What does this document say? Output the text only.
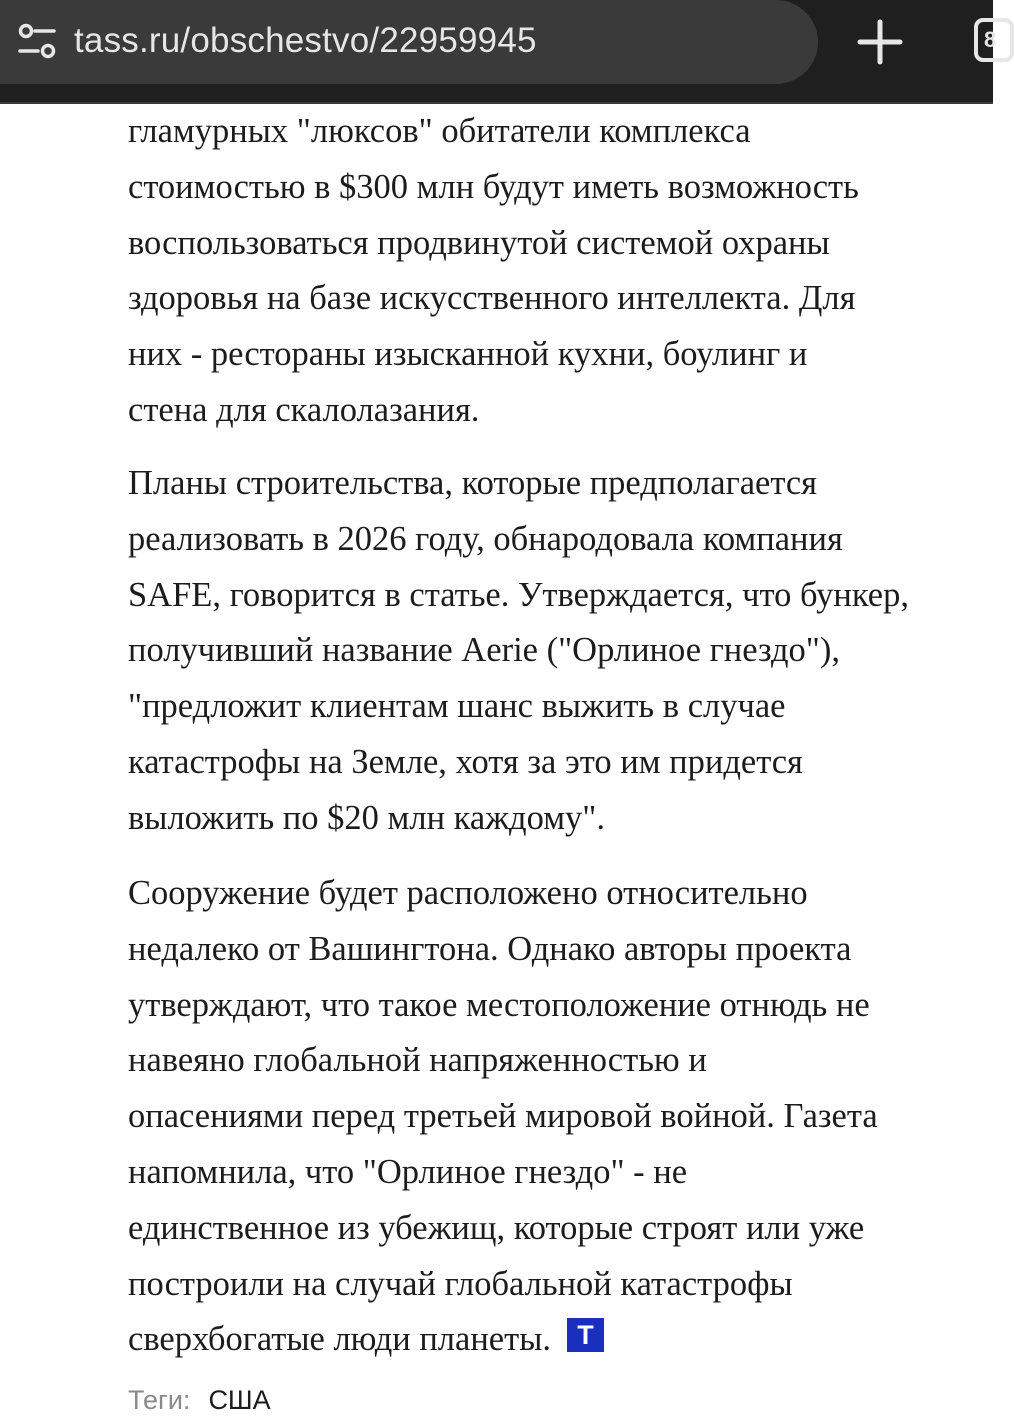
tass.ru/obschestvo/22959945	8

гламурных "люксов" обитатели комплекса
стоимостью в $300 млн будут иметь возможность
воспользоваться продвинутой системой охраны
здоровья на базе искусственного интеллекта. Для
них - рестораны изысканной кухни, боулинг и
стена для скалолазания.

Планы строительства, которые предполагается
реализовать в 2026 году, обнародовала компания
SAFE, говорится в статье. Утверждается, что бункер,
получивший название Aerie ("Орлиное гнездо"),
"предложит клиентам шанс выжить в случае
катастрофы на Земле, хотя за это им придется
выложить по $20 млн каждому".

Сооружение будет расположено относительно
недалеко от Вашингтона. Однако авторы проекта
утверждают, что такое местоположение отнюдь не
навеяно глобальной напряженностью и
опасениями перед третьей мировой войной. Газета
напомнила, что "Орлиное гнездо" - не
единственное из убежищ, которые строят или уже
построили на случай глобальной катастрофы
сверхбогатые люди планеты. Т

Теги: США
